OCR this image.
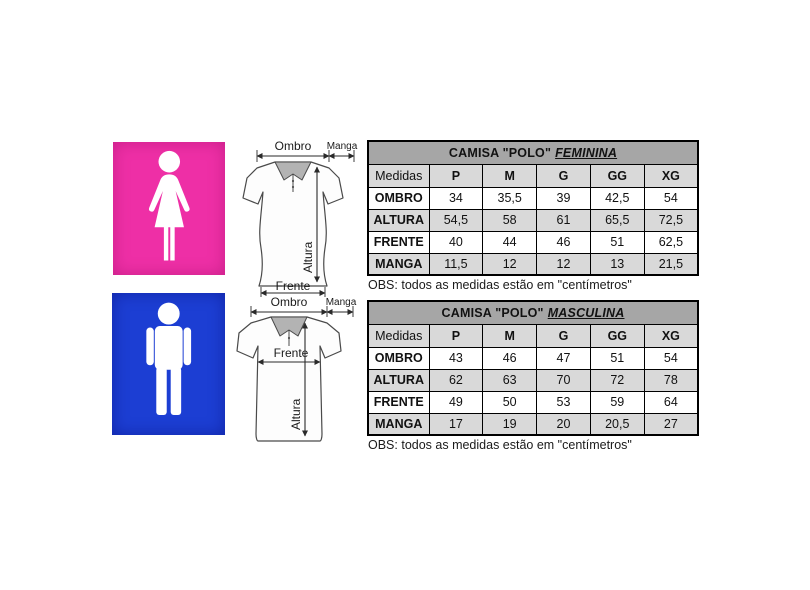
Ombro Manga
Altura
Frente
Ombro Manga
Frente
Altura
CAMISA "POLO" FEMININA					
Medidas	P	M	G	GG	XG
OMBRO	34	35,5	39	42,5	54
ALTURA	54,5	58	61	65,5	72,5
FRENTE	40	44	46	51	62,5
MANGA	11,5	12	12	13	21,5
OBS: todos as medidas estão em "centímetros"
CAMISA "POLO" MASCULINA					
Medidas	P	M	G	GG	XG
OMBRO	43	46	47	51	54
ALTURA	62	63	70	72	78
FRENTE	49	50	53	59	64
MANGA	17	19	20	20,5	27
OBS: todos as medidas estão em "centímetros"
